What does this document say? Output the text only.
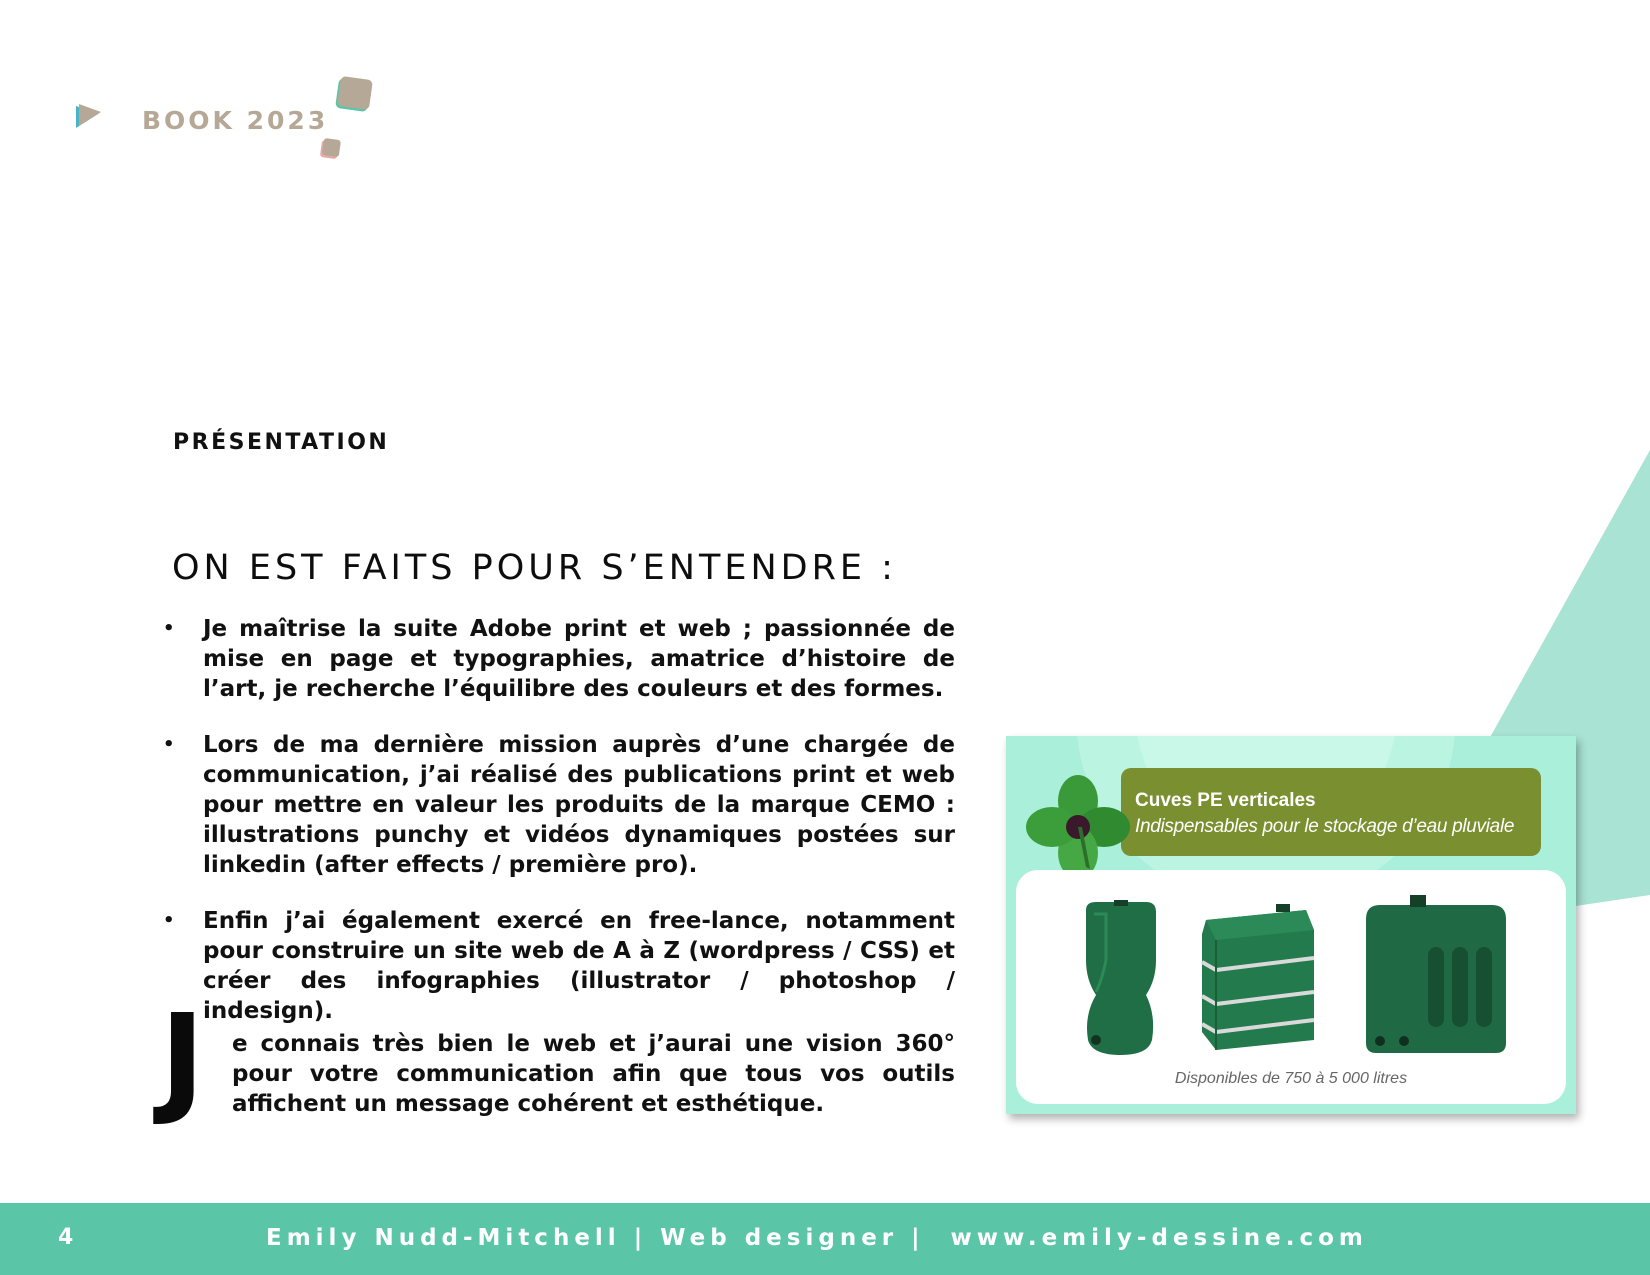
BOOK 2023
PRÉSENTATION
ON EST FAITS POUR S’ENTENDRE :
• Je maîtrise la suite Adobe print et web ; passionnée de mise en page et typographies, amatrice d’histoire de l’art, je recherche l’équilibre des couleurs et des formes.
• Lors de ma dernière mission auprès d’une chargée de communication, j’ai réalisé des publications print et web pour mettre en valeur les produits de la marque CEMO : illustrations punchy et vidéos dynamiques postées sur linkedin (after effects / première pro).
• Enfin j’ai également exercé en free-lance, notamment pour construire un site web de A à Z (wordpress / CSS) et créer des infographies (illustrator / photoshop / indesign).
J e connais très bien le web et j’aurai une vision 360° pour votre communication afin que tous vos outils affichent un message cohérent et esthétique.
Cuves PE verticales
Indispensables pour le stockage d’eau pluviale
Disponibles de 750 à 5 000 litres
4	Emily Nudd-Mitchell | Web designer |  www.emily-dessine.com
